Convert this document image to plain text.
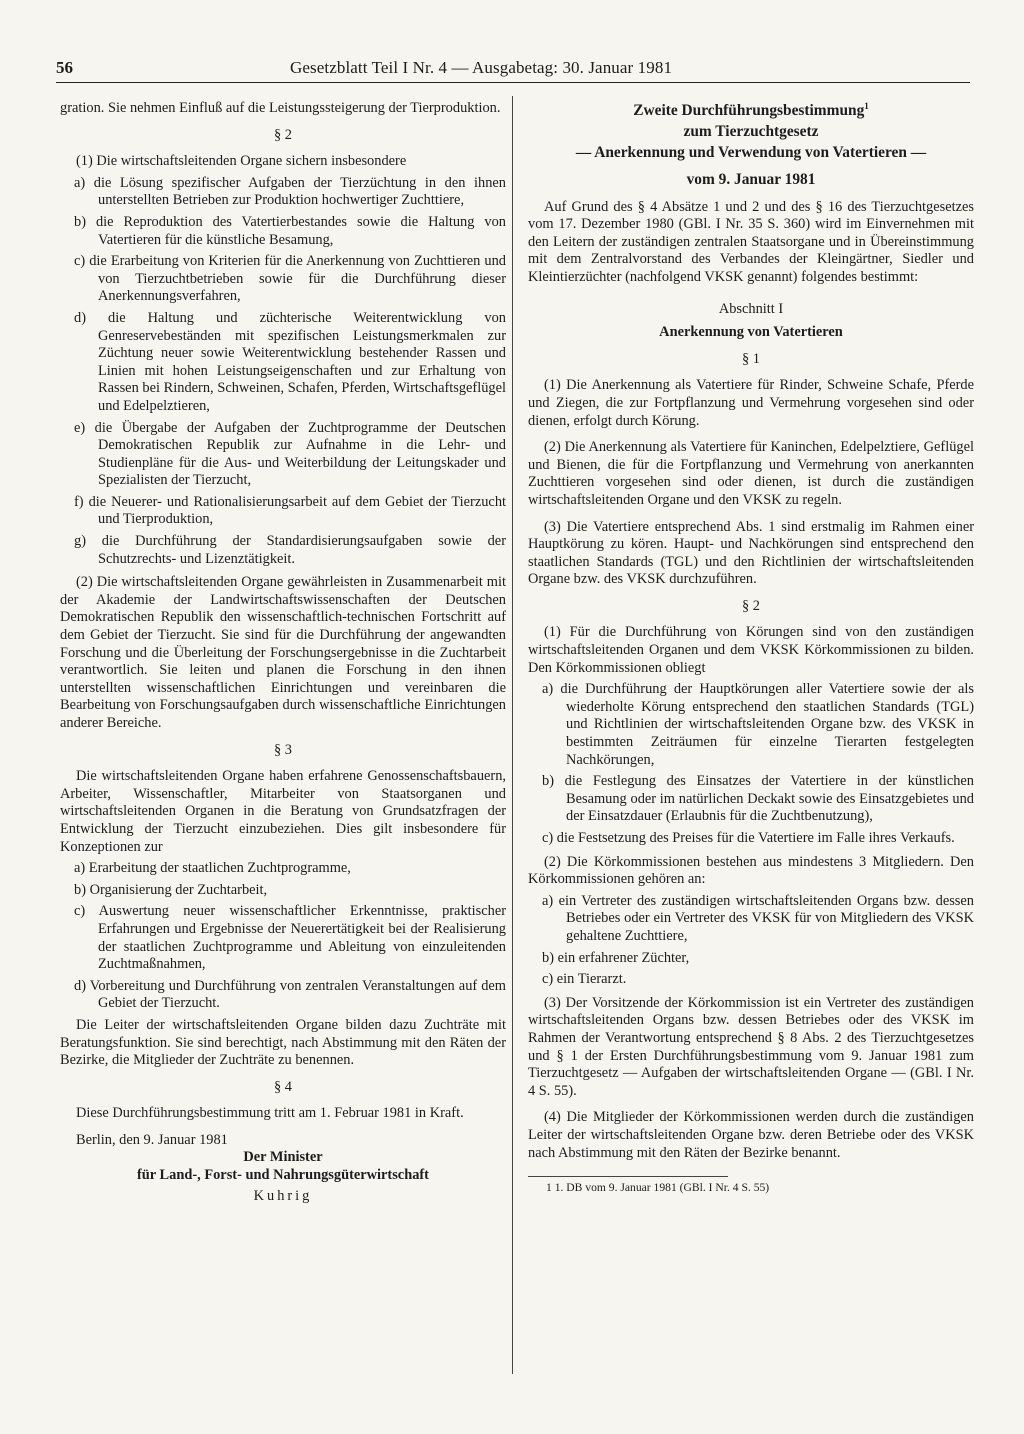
56	Gesetzblatt Teil I Nr. 4 — Ausgabetag: 30. Januar 1981

gration. Sie nehmen Einfluß auf die Leistungssteigerung der Tierproduktion.

§ 2

(1) Die wirtschaftsleitenden Organe sichern insbesondere

a) die Lösung spezifischer Aufgaben der Tierzüchtung in den ihnen unterstellten Betrieben zur Produktion hochwertiger Zuchttiere,

b) die Reproduktion des Vatertierbestandes sowie die Haltung von Vatertieren für die künstliche Besamung,

c) die Erarbeitung von Kriterien für die Anerkennung von Zuchttieren und von Tierzuchtbetrieben sowie für die Durchführung dieser Anerkennungsverfahren,

d) die Haltung und züchterische Weiterentwicklung von Genreservebeständen mit spezifischen Leistungsmerkmalen zur Züchtung neuer sowie Weiterentwicklung bestehender Rassen und Linien mit hohen Leistungseigenschaften und zur Erhaltung von Rassen bei Rindern, Schweinen, Schafen, Pferden, Wirtschaftsgeflügel und Edelpelztieren,

e) die Übergabe der Aufgaben der Zuchtprogramme der Deutschen Demokratischen Republik zur Aufnahme in die Lehr- und Studienpläne für die Aus- und Weiterbildung der Leitungskader und Spezialisten der Tierzucht,

f) die Neuerer- und Rationalisierungsarbeit auf dem Gebiet der Tierzucht und Tierproduktion,

g) die Durchführung der Standardisierungsaufgaben sowie der Schutzrechts- und Lizenztätigkeit.

(2) Die wirtschaftsleitenden Organe gewährleisten in Zusammenarbeit mit der Akademie der Landwirtschaftswissenschaften der Deutschen Demokratischen Republik den wissenschaftlich-technischen Fortschritt auf dem Gebiet der Tierzucht. Sie sind für die Durchführung der angewandten Forschung und die Überleitung der Forschungsergebnisse in die Zuchtarbeit verantwortlich. Sie leiten und planen die Forschung in den ihnen unterstellten wissenschaftlichen Einrichtungen und vereinbaren die Bearbeitung von Forschungsaufgaben durch wissenschaftliche Einrichtungen anderer Bereiche.

§ 3

Die wirtschaftsleitenden Organe haben erfahrene Genossenschaftsbauern, Arbeiter, Wissenschaftler, Mitarbeiter von Staatsorganen und wirtschaftsleitenden Organen in die Beratung von Grundsatzfragen der Entwicklung der Tierzucht einzubeziehen. Dies gilt insbesondere für Konzeptionen zur

a) Erarbeitung der staatlichen Zuchtprogramme,

b) Organisierung der Zuchtarbeit,

c) Auswertung neuer wissenschaftlicher Erkenntnisse, praktischer Erfahrungen und Ergebnisse der Neuerertätigkeit bei der Realisierung der staatlichen Zuchtprogramme und Ableitung von einzuleitenden Zuchtmaßnahmen,

d) Vorbereitung und Durchführung von zentralen Veranstaltungen auf dem Gebiet der Tierzucht.

Die Leiter der wirtschaftsleitenden Organe bilden dazu Zuchträte mit Beratungsfunktion. Sie sind berechtigt, nach Abstimmung mit den Räten der Bezirke, die Mitglieder der Zuchträte zu benennen.

§ 4

Diese Durchführungsbestimmung tritt am 1. Februar 1981 in Kraft.

Berlin, den 9. Januar 1981

Der Minister
für Land-, Forst- und Nahrungsgüterwirtschaft
Kuhrig
Zweite Durchführungsbestimmung$^1$
zum Tierzuchtgesetz
— Anerkennung und Verwendung von Vatertieren —
vom 9. Januar 1981

Auf Grund des § 4 Absätze 1 und 2 und des § 16 des Tierzuchtgesetzes vom 17. Dezember 1980 (GBl. I Nr. 35 S. 360) wird im Einvernehmen mit den Leitern der zuständigen zentralen Staatsorgane und in Übereinstimmung mit dem Zentralvorstand des Verbandes der Kleingärtner, Siedler und Kleintierzüchter (nachfolgend VKSK genannt) folgendes bestimmt:

Abschnitt I
Anerkennung von Vatertieren
§ 1

(1) Die Anerkennung als Vatertiere für Rinder, Schweine Schafe, Pferde und Ziegen, die zur Fortpflanzung und Vermehrung vorgesehen sind oder dienen, erfolgt durch Körung.

(2) Die Anerkennung als Vatertiere für Kaninchen, Edelpelztiere, Geflügel und Bienen, die für die Fortpflanzung und Vermehrung von anerkannten Zuchttieren vorgesehen sind oder dienen, ist durch die zuständigen wirtschaftsleitenden Organe und den VKSK zu regeln.

(3) Die Vatertiere entsprechend Abs. 1 sind erstmalig im Rahmen einer Hauptkörung zu kören. Haupt- und Nachkörungen sind entsprechend den staatlichen Standards (TGL) und den Richtlinien der wirtschaftsleitenden Organe bzw. des VKSK durchzuführen.

§ 2

(1) Für die Durchführung von Körungen sind von den zuständigen wirtschaftsleitenden Organen und dem VKSK Körkommissionen zu bilden. Den Körkommissionen obliegt

a) die Durchführung der Hauptkörungen aller Vatertiere sowie der als wiederholte Körung entsprechend den staatlichen Standards (TGL) und Richtlinien der wirtschaftsleitenden Organe bzw. des VKSK in bestimmten Zeiträumen für einzelne Tierarten festgelegten Nachkörungen,

b) die Festlegung des Einsatzes der Vatertiere in der künstlichen Besamung oder im natürlichen Deckakt sowie des Einsatzgebietes und der Einsatzdauer (Erlaubnis für die Zuchtbenutzung),

c) die Festsetzung des Preises für die Vatertiere im Falle ihres Verkaufs.

(2) Die Körkommissionen bestehen aus mindestens 3 Mitgliedern. Den Körkommissionen gehören an:

a) ein Vertreter des zuständigen wirtschaftsleitenden Organs bzw. dessen Betriebes oder ein Vertreter des VKSK für von Mitgliedern des VKSK gehaltene Zuchttiere,

b) ein erfahrener Züchter,

c) ein Tierarzt.

(3) Der Vorsitzende der Körkommission ist ein Vertreter des zuständigen wirtschaftsleitenden Organs bzw. dessen Betriebes oder des VKSK im Rahmen der Verantwortung entsprechend § 8 Abs. 2 des Tierzuchtgesetzes und § 1 der Ersten Durchführungsbestimmung vom 9. Januar 1981 zum Tierzuchtgesetz — Aufgaben der wirtschaftsleitenden Organe — (GBl. I Nr. 4 S. 55).

(4) Die Mitglieder der Körkommissionen werden durch die zuständigen Leiter der wirtschaftsleitenden Organe bzw. deren Betriebe oder des VKSK nach Abstimmung mit den Räten der Bezirke benannt.

1 1. DB vom 9. Januar 1981 (GBl. I Nr. 4 S. 55)
